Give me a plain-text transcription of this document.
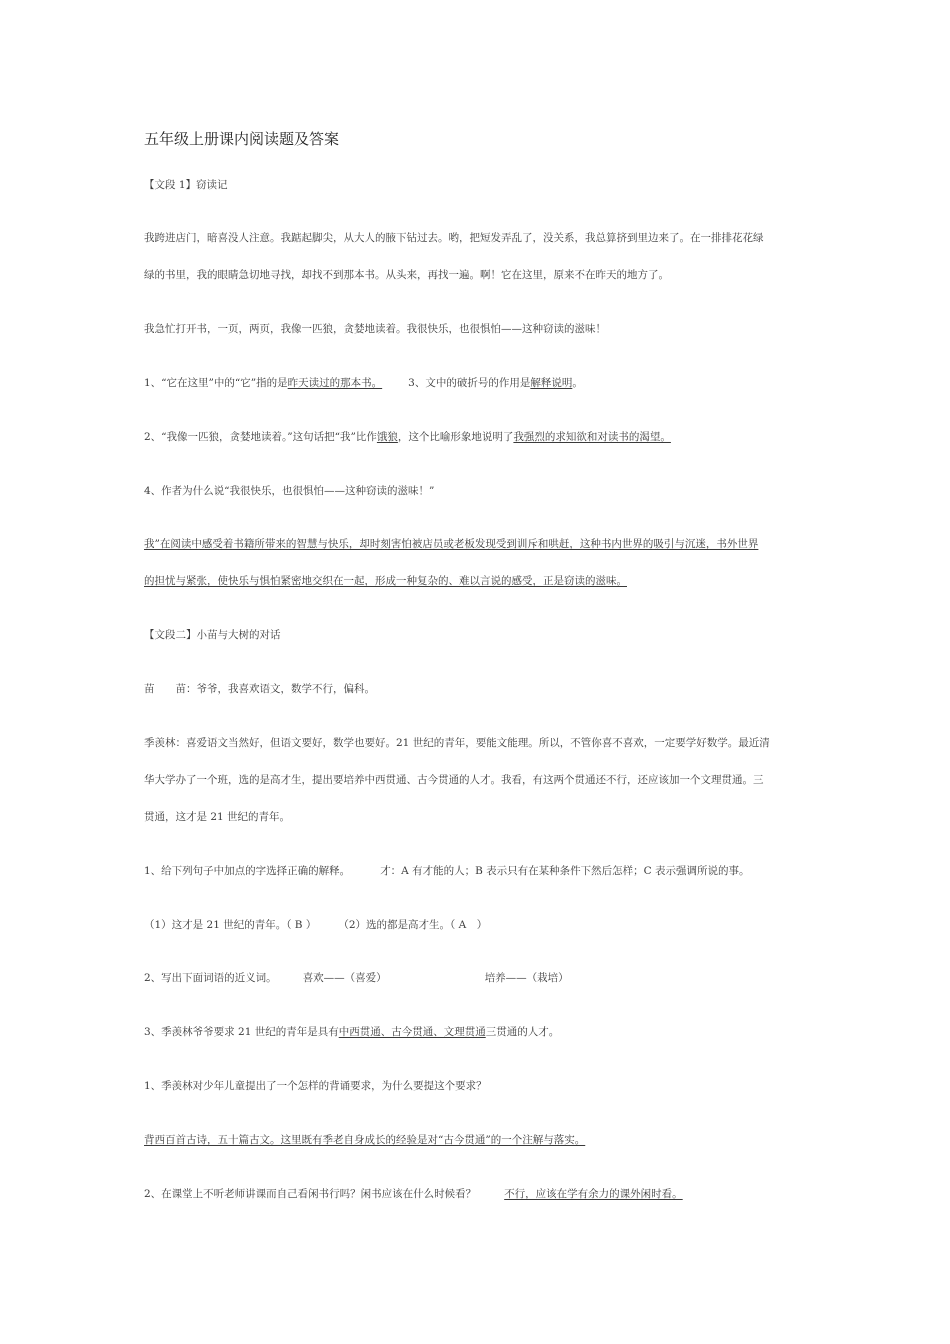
五年级上册课内阅读题及答案
【文段 1】窃读记
我跨进店门，暗喜没人注意。我踮起脚尖，从大人的腋下钻过去。哟，把短发弄乱了，没关系，我总算挤到里边来了。在一排排花花绿
绿的书里，我的眼睛急切地寻找，却找不到那本书。从头来，再找一遍。啊！它在这里，原来不在昨天的地方了。
我急忙打开书，一页，两页，我像一匹狼，贪婪地读着。我很快乐，也很惧怕——这种窃读的滋味！
1、“它在这里”中的“它”指的是昨天读过的那本书。 3、文中的破折号的作用是解释说明。
2、“我像一匹狼，贪婪地读着。”这句话把“我”比作饿狼，这个比喻形象地说明了我强烈的求知欲和对读书的渴望。
4、作者为什么说“我很快乐，也很惧怕——这种窃读的滋味！”
我”在阅读中感受着书籍所带来的智慧与快乐，却时刻害怕被店员或老板发现受到训斥和哄赶，这种书内世界的吸引与沉迷，书外世界
的担忧与紧张，使快乐与惧怕紧密地交织在一起，形成一种复杂的、难以言说的感受，正是窃读的滋味。
【文段二】小苗与大树的对话
苗　　苗：爷爷，我喜欢语文，数学不行，偏科。
季羡林：喜爱语文当然好，但语文要好，数学也要好。21 世纪的青年，要能文能理。所以，不管你喜不喜欢，一定要学好数学。最近清
华大学办了一个班，选的是高才生，提出要培养中西贯通、古今贯通的人才。我看，有这两个贯通还不行，还应该加一个文理贯通。三
贯通，这才是 21 世纪的青年。
1、给下列句子中加点的字选择正确的解释。	才：A 有才能的人；B 表示只有在某种条件下然后怎样；C 表示强调所说的事。
（1）这才是 21 世纪的青年。（ B ） （2）选的都是高才生。（ A　）
2、写出下面词语的近义词。 喜欢——（喜爱）	培养——（栽培）
3、季羡林爷爷要求 21 世纪的青年是具有中西贯通、古今贯通、文理贯通三贯通的人才。
1、季羡林对少年儿童提出了一个怎样的背诵要求，为什么要提这个要求？
背西百首古诗，五十篇古文。这里既有季老自身成长的经验是对“古今贯通”的一个注解与落实。
2、在课堂上不听老师讲课而自己看闲书行吗？闲书应该在什么时候看？	不行，应该在学有余力的课外闲时看。
